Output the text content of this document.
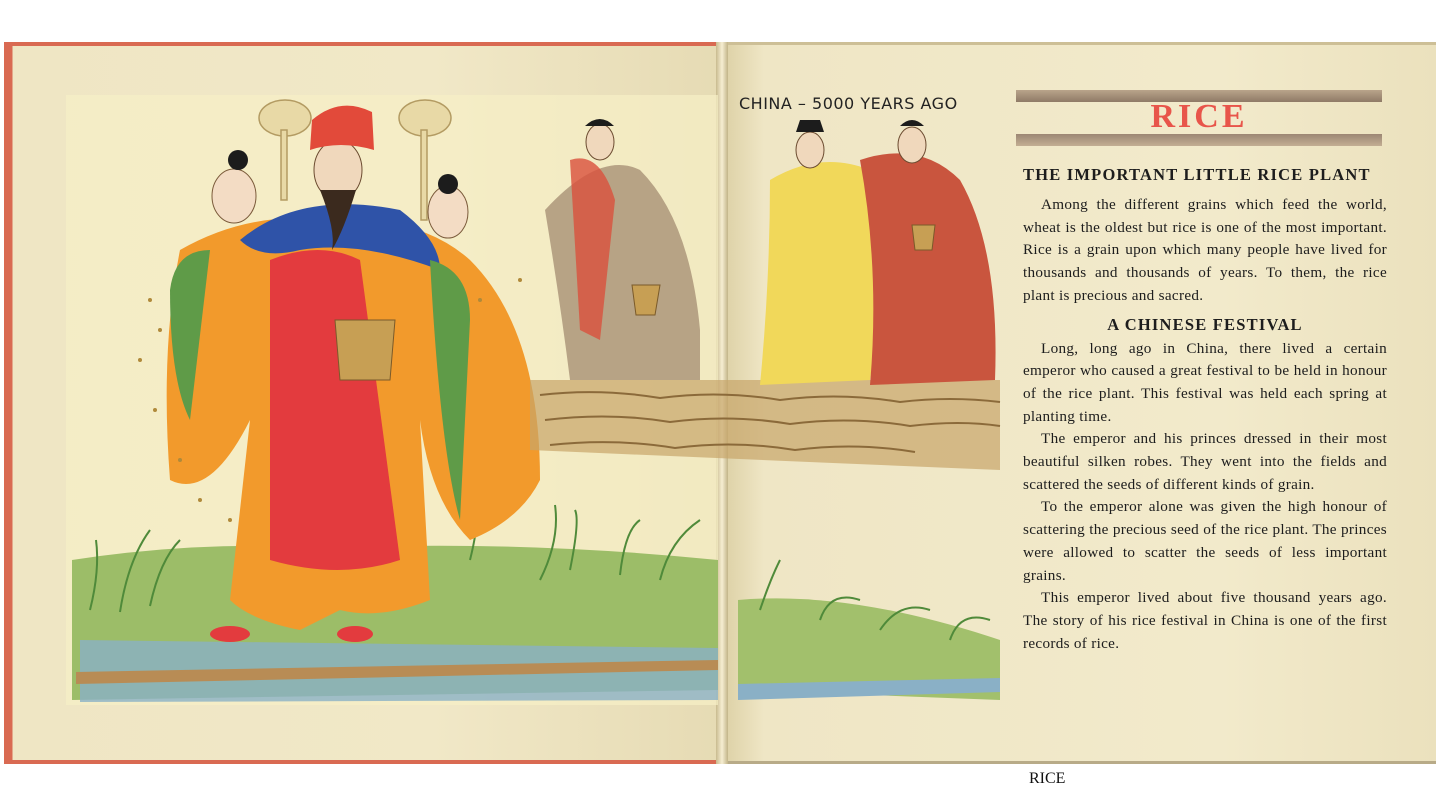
CHINA – 5000 YEARS AGO	RICE
THE IMPORTANT LITTLE RICE PLANT

Among the different grains which feed the world, wheat is the oldest but rice is one of the most important. Rice is a grain upon which many people have lived for thousands and thousands of years. To them, the rice plant is precious and sacred.

A CHINESE FESTIVAL

Long, long ago in China, there lived a certain emperor who caused a great festival to be held in honour of the rice plant. This festival was held each spring at planting time.

The emperor and his princes dressed in their most beautiful silken robes. They went into the fields and scattered the seeds of different kinds of grain.

To the emperor alone was given the high honour of scattering the precious seed of the rice plant. The princes were allowed to scatter the seeds of less important grains.

This emperor lived about five thousand years ago. The story of his rice festival in China is one of the first records of rice.

RICE
